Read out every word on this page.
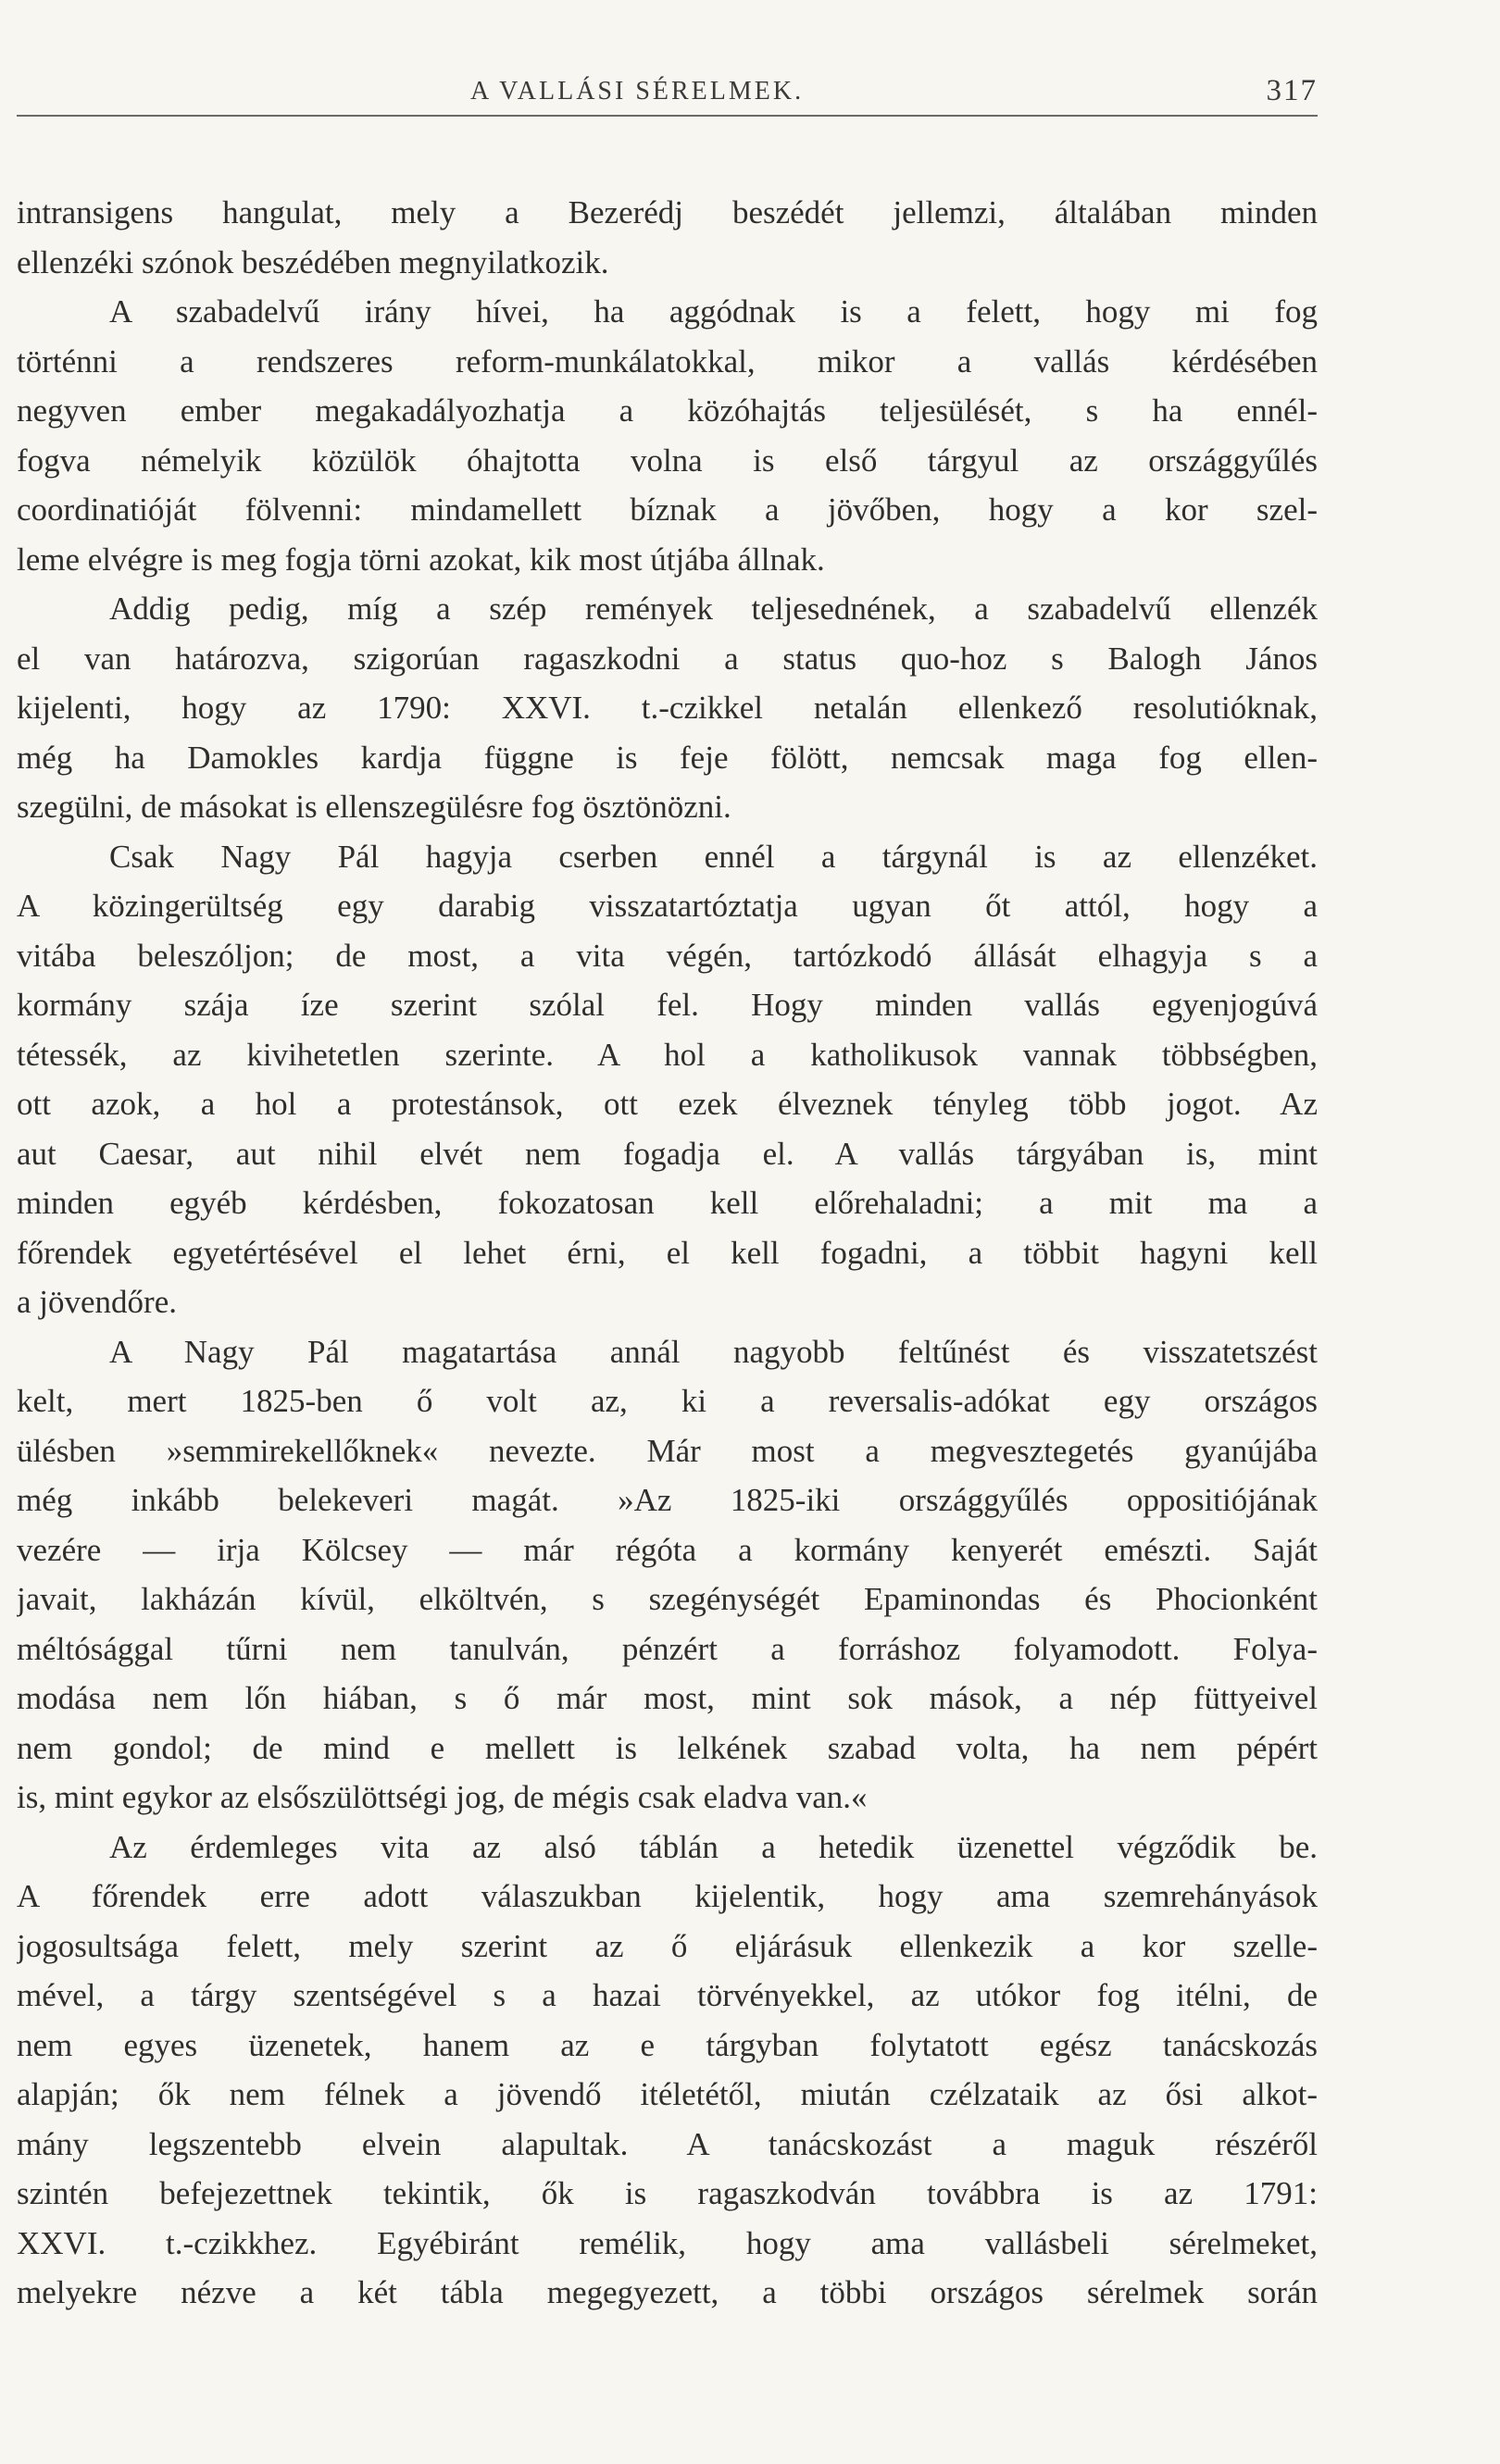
A VALLÁSI SÉRELMEK.	317
intransigens hangulat, mely a Bezerédj beszédét jellemzi, általában minden
ellenzéki szónok beszédében megnyilatkozik.
A szabadelvű irány hívei, ha aggódnak is a felett, hogy mi fog
történni a rendszeres reform-munkálatokkal, mikor a vallás kérdésében
negyven ember megakadályozhatja a közóhajtás teljesülését, s ha ennél-
fogva némelyik közülök óhajtotta volna is első tárgyul az országgyűlés
coordinatióját fölvenni: mindamellett bíznak a jövőben, hogy a kor szel-
leme elvégre is meg fogja törni azokat, kik most útjába állnak.
Addig pedig, míg a szép remények teljesednének, a szabadelvű ellenzék
el van határozva, szigorúan ragaszkodni a status quo-hoz s Balogh János
kijelenti, hogy az 1790: XXVI. t.-czikkel netalán ellenkező resolutióknak,
még ha Damokles kardja függne is feje fölött, nemcsak maga fog ellen-
szegülni, de másokat is ellenszegülésre fog ösztönözni.
Csak Nagy Pál hagyja cserben ennél a tárgynál is az ellenzéket.
A közingerültség egy darabig visszatartóztatja ugyan őt attól, hogy a
vitába beleszóljon; de most, a vita végén, tartózkodó állását elhagyja s a
kormány szája íze szerint szólal fel. Hogy minden vallás egyenjogúvá
tétessék, az kivihetetlen szerinte. A hol a katholikusok vannak többségben,
ott azok, a hol a protestánsok, ott ezek élveznek tényleg több jogot. Az
aut Caesar, aut nihil elvét nem fogadja el. A vallás tárgyában is, mint
minden egyéb kérdésben, fokozatosan kell előrehaladni; a mit ma a
főrendek egyetértésével el lehet érni, el kell fogadni, a többit hagyni kell
a jövendőre.
A Nagy Pál magatartása annál nagyobb feltűnést és visszatetszést
kelt, mert 1825-ben ő volt az, ki a reversalis-adókat egy országos
ülésben »semmirekellőknek« nevezte. Már most a megvesztegetés gyanújába
még inkább belekeveri magát. »Az 1825-iki országgyűlés oppositiójának
vezére — irja Kölcsey — már régóta a kormány kenyerét emészti. Saját
javait, lakházán kívül, elköltvén, s szegénységét Epaminondas és Phocionként
méltósággal tűrni nem tanulván, pénzért a forráshoz folyamodott. Folya-
modása nem lőn hiában, s ő már most, mint sok mások, a nép füttyeivel
nem gondol; de mind e mellett is lelkének szabad volta, ha nem pépért
is, mint egykor az elsőszülöttségi jog, de mégis csak eladva van.«
Az érdemleges vita az alsó táblán a hetedik üzenettel végződik be.
A főrendek erre adott válaszukban kijelentik, hogy ama szemrehányások
jogosultsága felett, mely szerint az ő eljárásuk ellenkezik a kor szelle-
mével, a tárgy szentségével s a hazai törvényekkel, az utókor fog itélni, de
nem egyes üzenetek, hanem az e tárgyban folytatott egész tanácskozás
alapján; ők nem félnek a jövendő itéletétől, miután czélzataik az ősi alkot-
mány legszentebb elvein alapultak. A tanácskozást a maguk részéről
szintén befejezettnek tekintik, ők is ragaszkodván továbbra is az 1791:
XXVI. t.-czikkhez. Egyébiránt remélik, hogy ama vallásbeli sérelmeket,
melyekre nézve a két tábla megegyezett, a többi országos sérelmek során
